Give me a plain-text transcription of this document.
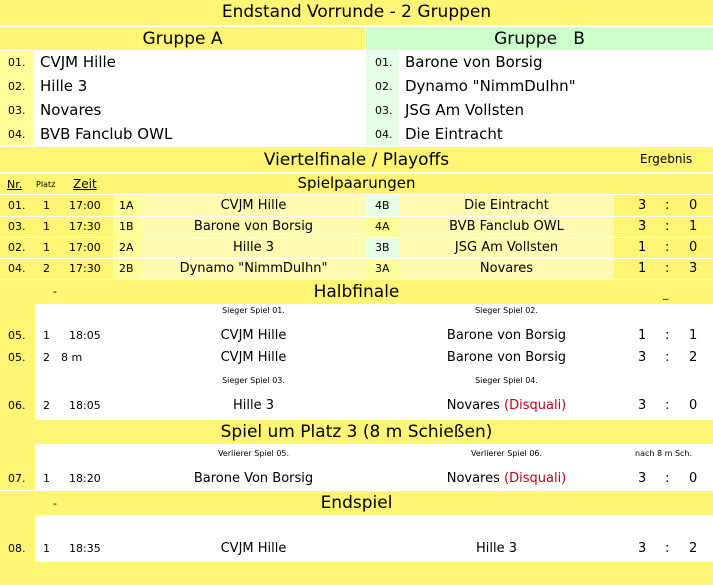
Endstand Vorrunde - 2 Gruppen
Gruppe A	Gruppe   B
01. CVJM Hille
02. Hille 3
03. Novares
04. BVB Fanclub OWL
01. Barone von Borsig
02. Dynamo "NimmDuIhn"
03. JSG Am Vollsten
04. Die Eintracht
Viertelfinale / Playoffs	Ergebnis
Nr. Platz Zeit	Spielpaarungen
01. 1 17:00 1A	CVJM Hille	4B	Die Eintracht	3 : 0
03. 1 17:30 1B	Barone von Borsig	4A	BVB Fanclub OWL	3 : 1
02. 1 17:00 2A	Hille 3	3B	JSG Am Vollsten	1 : 0
04. 2 17:30 2B	Dynamo "NimmDuIhn"	3A	Novares	1 : 3
Halbfinale
-	_
Sieger Spiel 01.	Sieger Spiel 02.
05. 1 18:05	CVJM Hille	Barone von Borsig	1 : 1
05. 2 8 m	CVJM Hille	Barone von Borsig	3 : 2
Sieger Spiel 03.	Sieger Spiel 04.
06. 2 18:05	Hille 3	Novares (Disquali)	3 : 0
Spiel um Platz 3 (8 m Schießen)
Verlierer Spiel 05.	Verlierer Spiel 06.	nach 8 m Sch.
07. 1 18:20	Barone Von Borsig	Novares (Disquali)	3 : 0
Endspiel
-
08. 1 18:35	CVJM Hille	Hille 3	3 : 2
